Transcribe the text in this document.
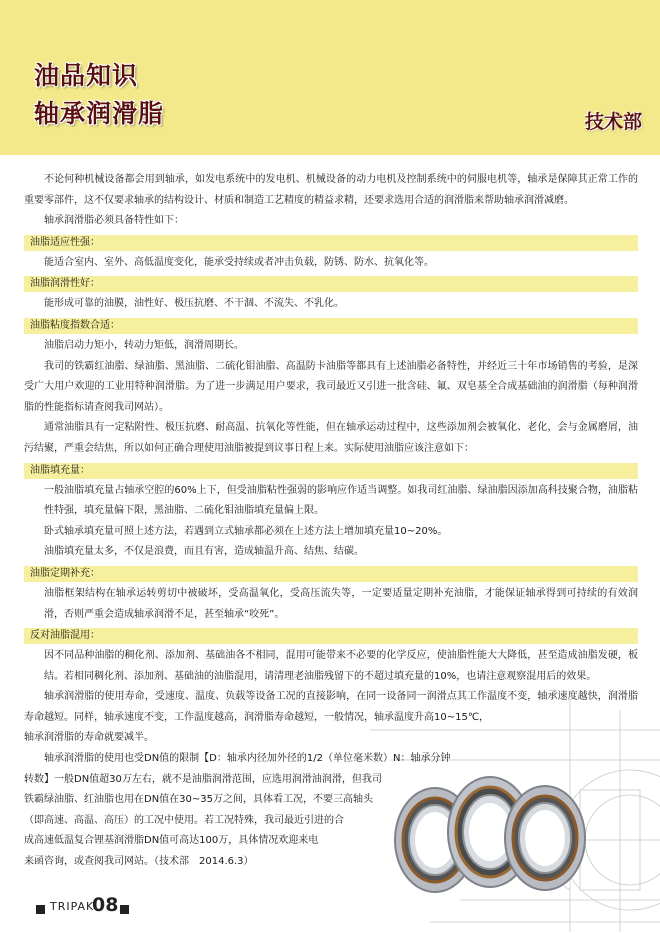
油品知识
轴承润滑脂	技术部

不论何种机械设备都会用到轴承，如发电系统中的发电机、机械设备的动力电机及控制系统中的伺服电机等，轴承是保障其正常工作的重要零部件，这不仅要求轴承的结构设计、材质和制造工艺精度的精益求精，还要求选用合适的润滑脂来帮助轴承润滑减磨。

轴承润滑脂必须具备特性如下：

油脂适应性强：

能适合室内、室外、高低温度变化，能承受持续或者冲击负载，防锈、防水、抗氧化等。

油脂润滑性好：

能形成可靠的油膜，油性好、极压抗磨、不干涸、不流失、不乳化。

油脂粘度指数合适：

油脂启动力矩小，转动力矩低，润滑周期长。

我司的铁霸红油脂、绿油脂、黑油脂、二硫化钼油脂、高温防卡油脂等都具有上述油脂必备特性，并经近三十年市场销售的考验，是深受广大用户欢迎的工业用特种润滑脂。为了进一步满足用户要求，我司最近又引进一批含硅、氟、双皂基全合成基础油的润滑脂（每种润滑脂的性能指标请查阅我司网站）。

通常油脂具有一定粘附性、极压抗磨、耐高温、抗氧化等性能，但在轴承运动过程中，这些添加剂会被氧化、老化，会与金属磨屑，油污结聚，严重会结焦，所以如何正确合理使用油脂被提到议事日程上来。实际使用油脂应该注意如下：

油脂填充量：

一般油脂填充量占轴承空腔的60%上下，但受油脂粘性强弱的影响应作适当调整。如我司红油脂、绿油脂因添加高科技聚合物，油脂粘性特强，填充量偏下限，黑油脂、二硫化钼油脂填充量偏上限。

卧式轴承填充量可照上述方法，若遇到立式轴承都必须在上述方法上增加填充量10~20%。

油脂填充量太多，不仅是浪费，而且有害，造成轴温升高、结焦、结碳。

油脂定期补充：

油脂框架结构在轴承运转剪切中被破坏，受高温氧化，受高压流失等，一定要适量定期补充油脂，才能保证轴承得到可持续的有效润滑，否则严重会造成轴承润滑不足，甚至轴承“咬死”。

反对油脂混用：

因不同品种油脂的稠化剂、添加剂、基础油各不相同，混用可能带来不必要的化学反应，使油脂性能大大降低，甚至造成油脂发硬，板结。若相同稠化剂、添加剂、基础油的油脂混用，请清理老油脂残留下的不超过填充量的10%，也请注意观察混用后的效果。

轴承润滑脂的使用寿命，受速度、温度、负载等设备工况的直接影响，在同一设备同一润滑点其工作温度不变，轴承速度越快，润滑脂寿命越短。同样，轴承速度不变，工作温度越高，润滑脂寿命越短，一般情况，轴承温度升高10~15℃，

轴承润滑脂的寿命就要减半。

轴承润滑脂的使用也受DN值的限制【D：轴承内径加外径的1/2（单位毫米数）N：轴承分钟

转数】一般DN值超30万左右，就不是油脂润滑范围，应选用润滑油润滑，但我司

铁霸绿油脂、红油脂也用在DN值在30~35万之间，具体看工况，不要三高轴头

（即高速、高温、高压）的工况中使用。若工况特殊，我司最近引进的合

成高速低温复合锂基润滑脂DN值可高达100万，具体情况欢迎来电

来函咨询，或查阅我司网站。（技术部　2014.6.3）

TRIPAK
08
